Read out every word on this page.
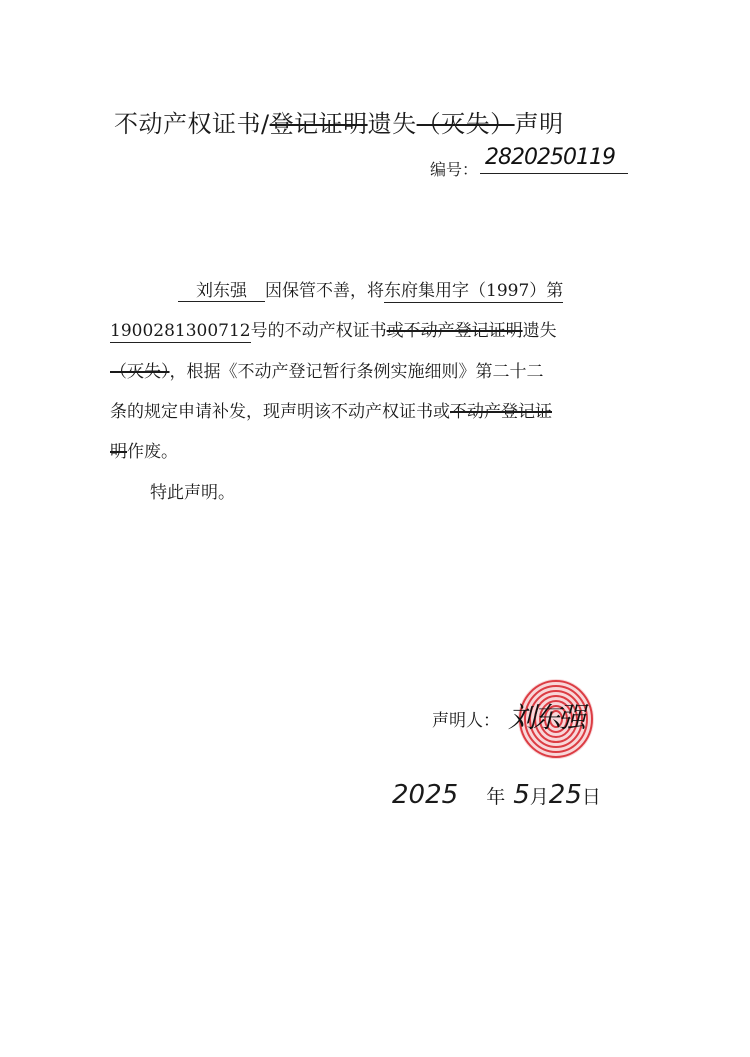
不动产权证书/登记证明遗失（灭失）声明
编号： 2820250119
刘东强 因保管不善，将东府集用字（1997）第
1900281300712号的不动产权证书或不动产登记证明遗失
（灭失），根据《不动产登记暂行条例实施细则》第二十二
条的规定申请补发，现声明该不动产权证书或不动产登记证
明作废。
特此声明。
声明人： 刘东强
2025 年 5月25日
